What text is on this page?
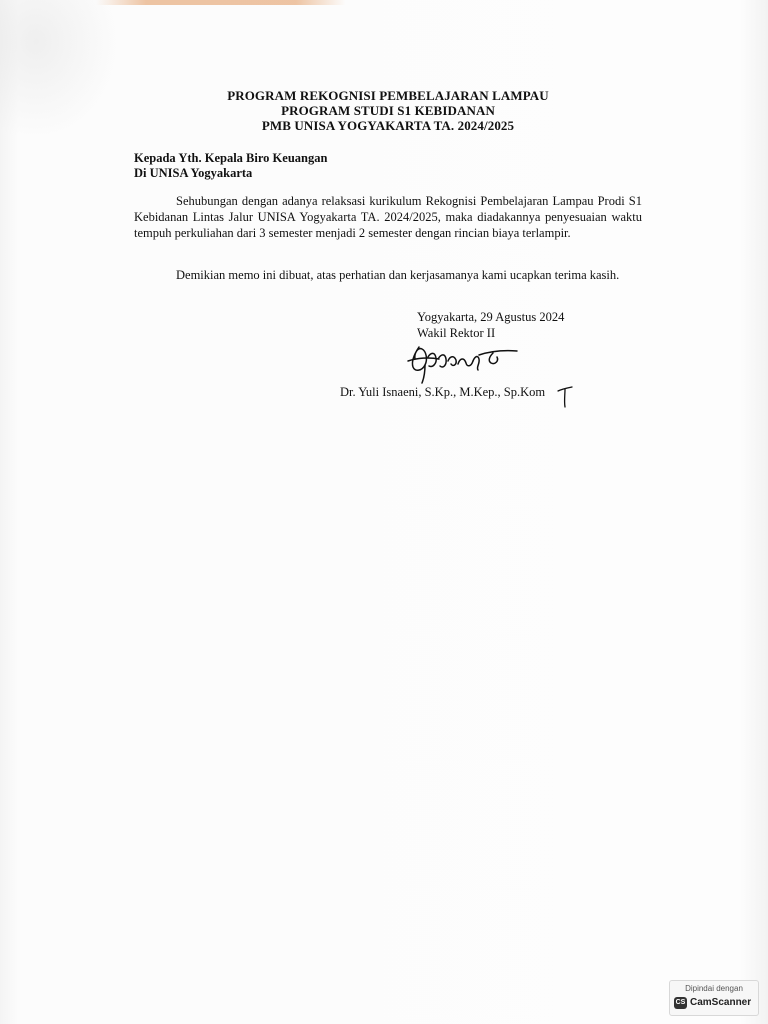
PROGRAM REKOGNISI PEMBELAJARAN LAMPAU
PROGRAM STUDI S1 KEBIDANAN
PMB UNISA YOGYAKARTA TA. 2024/2025
Kepada Yth. Kepala Biro Keuangan
Di UNISA Yogyakarta
Sehubungan dengan adanya relaksasi kurikulum Rekognisi Pembelajaran Lampau Prodi S1 Kebidanan Lintas Jalur UNISA Yogyakarta TA. 2024/2025, maka diadakannya penyesuaian waktu tempuh perkuliahan dari 3 semester menjadi 2 semester dengan rincian biaya terlampir.
Demikian memo ini dibuat, atas perhatian dan kerjasamanya kami ucapkan terima kasih.
Yogyakarta, 29 Agustus 2024
Wakil Rektor II
Dr. Yuli Isnaeni, S.Kp., M.Kep., Sp.Kom
Dipindai dengan
CS CamScanner
